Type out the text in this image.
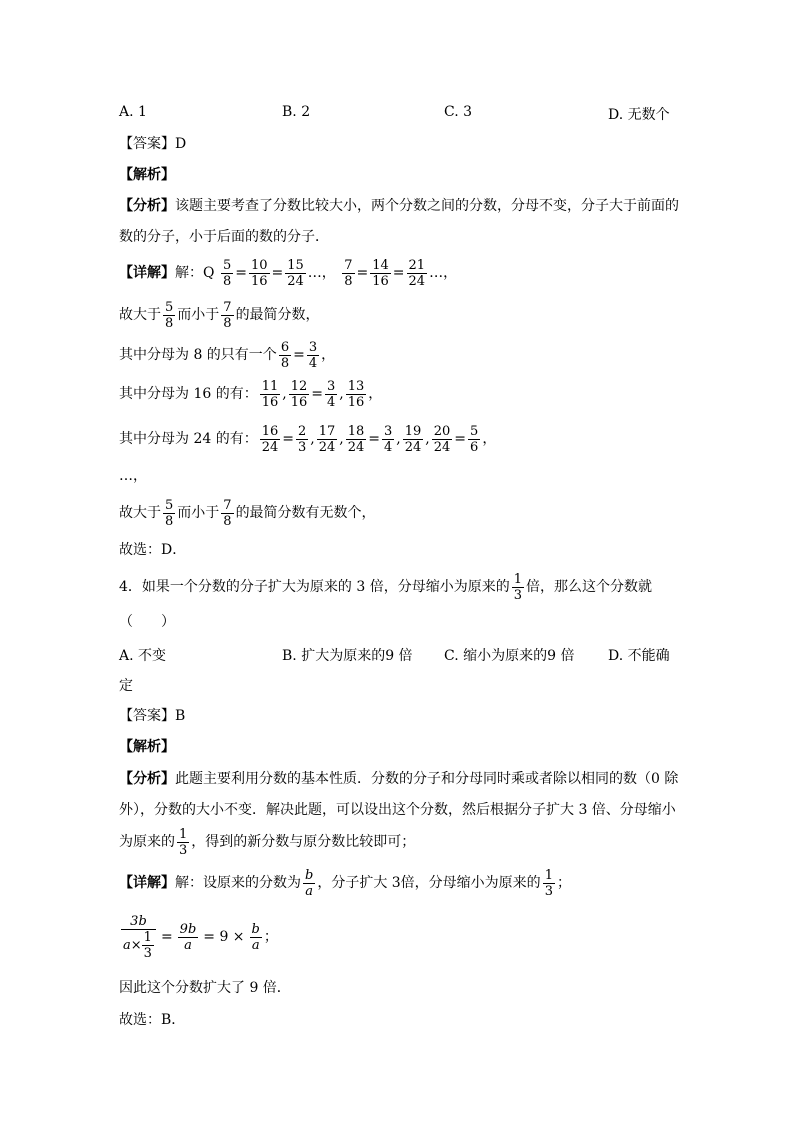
A. 1	B. 2	C. 3	D. 无数个
【答案】D
【解析】
【分析】该题主要考查了分数比较大小，两个分数之间的分数，分母不变，分子大于前面的
数的分子，小于后面的数的分子．
【详解】解：Q $\frac{5}{8} = \frac{10}{16} = \frac{15}{24}$ …， $\frac{7}{8} = \frac{14}{16} = \frac{21}{24}$ …，
故大于 $\frac{5}{8}$ 而小于 $\frac{7}{8}$ 的最简分数，
其中分母为 8 的只有一个 $\frac{6}{8} = \frac{3}{4}$ ，
其中分母为 16 的有： $\frac{11}{16}$ , $\frac{12}{16} = \frac{3}{4}$ , $\frac{13}{16}$ ，
其中分母为 24 的有： $\frac{16}{24} = \frac{2}{3}$ , $\frac{17}{24}$ , $\frac{18}{24} = \frac{3}{4}$ , $\frac{19}{24}$ , $\frac{20}{24} = \frac{5}{6}$ ，
…，
故大于 $\frac{5}{8}$ 而小于 $\frac{7}{8}$ 的最简分数有无数个，
故选：D．
4．如果一个分数的分子扩大为原来的 3 倍，分母缩小为原来的 $\frac{1}{3}$ 倍，那么这个分数就
（　　）
A. 不变	B. 扩大为原来的9 倍 C. 缩小为原来的9 倍 D. 不能确
定
【答案】B
【解析】
【分析】此题主要利用分数的基本性质．分数的分子和分母同时乘或者除以相同的数（0 除
外），分数的大小不变．解决此题，可以设出这个分数，然后根据分子扩大 3 倍、分母缩小
为原来的 $\frac{1}{3}$ ，得到的新分数与原分数比较即可；
【详解】解：设原来的分数为 $\frac{b}{a}$ ，分子扩大 3倍，分母缩小为原来的 $\frac{1}{3}$ ；
$\frac{3b}{a\times \frac{1}{3}} = \frac{9b}{a} = 9 \times \frac{b}{a}$ ；
因此这个分数扩大了 9 倍．
故选：B．
